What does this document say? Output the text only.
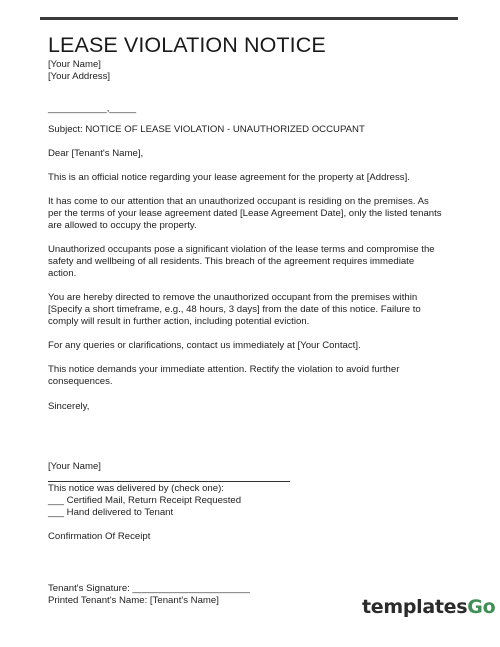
LEASE VIOLATION NOTICE
[Your Name]
[Your Address]
___________,_____
Subject: NOTICE OF LEASE VIOLATION - UNAUTHORIZED OCCUPANT
Dear [Tenant's Name],

This is an official notice regarding your lease agreement for the property at [Address].

It has come to our attention that an unauthorized occupant is residing on the premises. As
per the terms of your lease agreement dated [Lease Agreement Date], only the listed tenants
are allowed to occupy the property.

Unauthorized occupants pose a significant violation of the lease terms and compromise the
safety and wellbeing of all residents. This breach of the agreement requires immediate
action.

You are hereby directed to remove the unauthorized occupant from the premises within
[Specify a short timeframe, e.g., 48 hours, 3 days] from the date of this notice. Failure to
comply will result in further action, including potential eviction.

For any queries or clarifications, contact us immediately at [Your Contact].

This notice demands your immediate attention. Rectify the violation to avoid further
consequences.

Sincerely,
[Your Name]
This notice was delivered by (check one):
___ Certified Mail, Return Receipt Requested
___ Hand delivered to Tenant
Confirmation Of Receipt
Tenant's Signature: ______________________
Printed Tenant's Name: [Tenant's Name]	templatesGo
